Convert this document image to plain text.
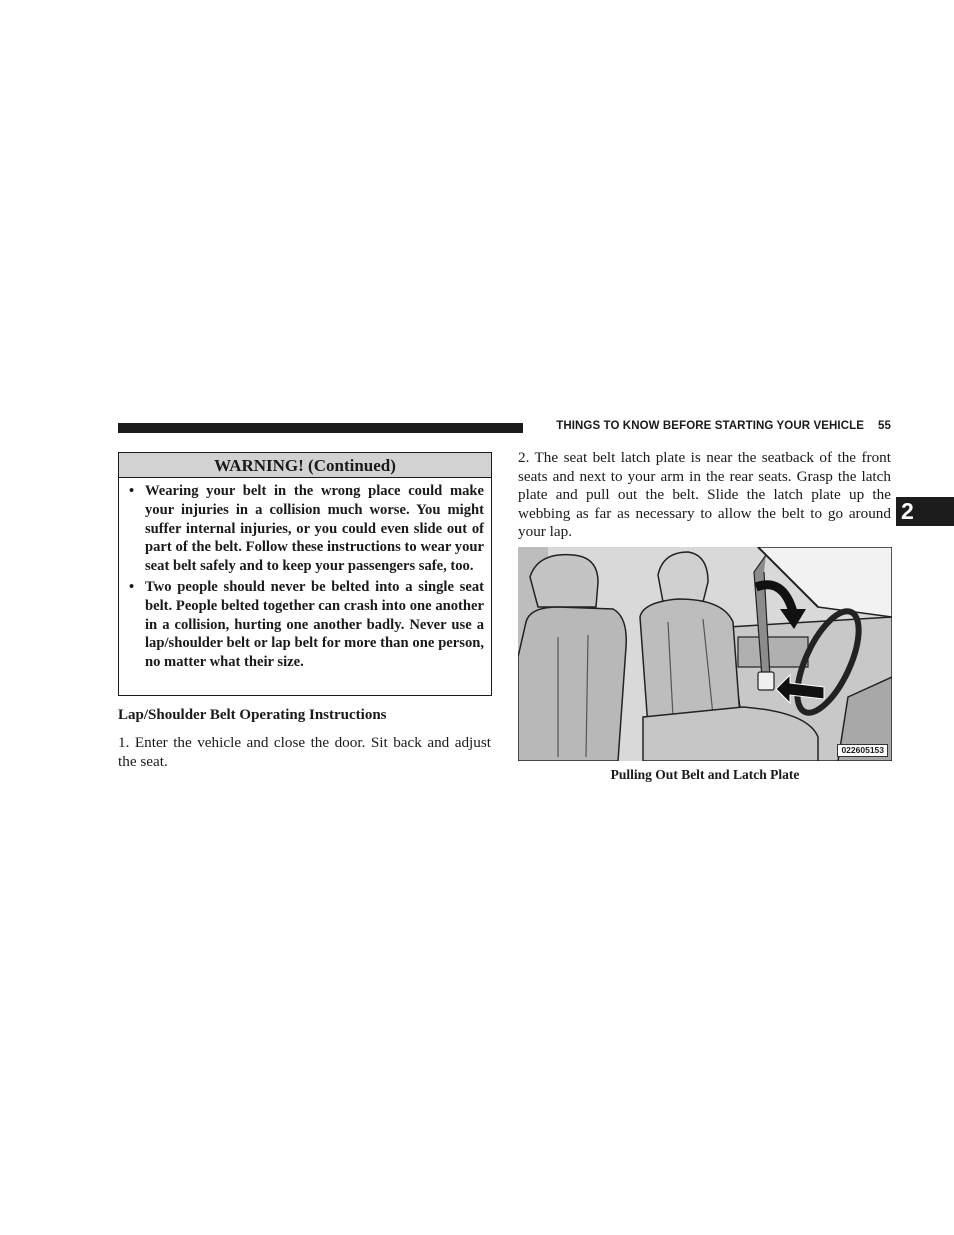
THINGS TO KNOW BEFORE STARTING YOUR VEHICLE 55
2
WARNING! (Continued)
• Wearing your belt in the wrong place could make your injuries in a collision much worse. You might suffer internal injuries, or you could even slide out of part of the belt. Follow these instructions to wear your seat belt safely and to keep your passengers safe, too.
• Two people should never be belted into a single seat belt. People belted together can crash into one another in a collision, hurting one another badly. Never use a lap/shoulder belt or lap belt for more than one person, no matter what their size.
Lap/Shoulder Belt Operating Instructions
1. Enter the vehicle and close the door. Sit back and adjust the seat.
2. The seat belt latch plate is near the seatback of the front seats and next to your arm in the rear seats. Grasp the latch plate and pull out the belt. Slide the latch plate up the webbing as far as necessary to allow the belt to go around your lap.
022605153
Pulling Out Belt and Latch Plate
